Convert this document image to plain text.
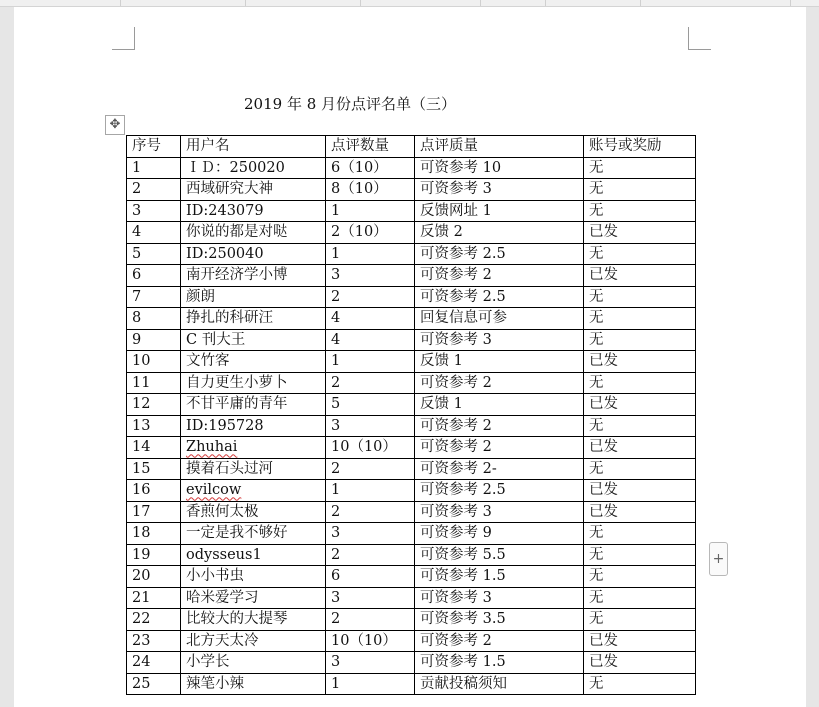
2019 年 8 月份点评名单（三）
✥
序号	用户名	点评数量	点评质量	账号或奖励
1	ＩＤ：250020	6（10）	可资参考 10	无
2	西域研究大神	8（10）	可资参考 3	无
3	ID:243079	1	反馈网址 1	无
4	你说的都是对哒	2（10）	反馈 2	已发
5	ID:250040	1	可资参考 2.5	无
6	南开经济学小博	3	可资参考 2	已发
7	颜朗	2	可资参考 2.5	无
8	挣扎的科研汪	4	回复信息可参	无
9	C 刊大王	4	可资参考 3	无
10	文竹客	1	反馈 1	已发
11	自力更生小萝卜	2	可资参考 2	无
12	不甘平庸的青年	5	反馈 1	已发
13	ID:195728	3	可资参考 2	无
14	Zhuhai	10（10）	可资参考 2	已发
15	摸着石头过河	2	可资参考 2-	无
16	evilcow	1	可资参考 2.5	已发
17	香煎何太极	2	可资参考 3	已发
18	一定是我不够好	3	可资参考 9	无
19	odysseus1	2	可资参考 5.5	无
20	小小书虫	6	可资参考 1.5	无
21	哈米爱学习	3	可资参考 3	无
22	比较大的大提琴	2	可资参考 3.5	无
23	北方天太冷	10（10）	可资参考 2	已发
24	小学长	3	可资参考 1.5	已发
25	辣笔小辣	1	贡献投稿须知	无
+
